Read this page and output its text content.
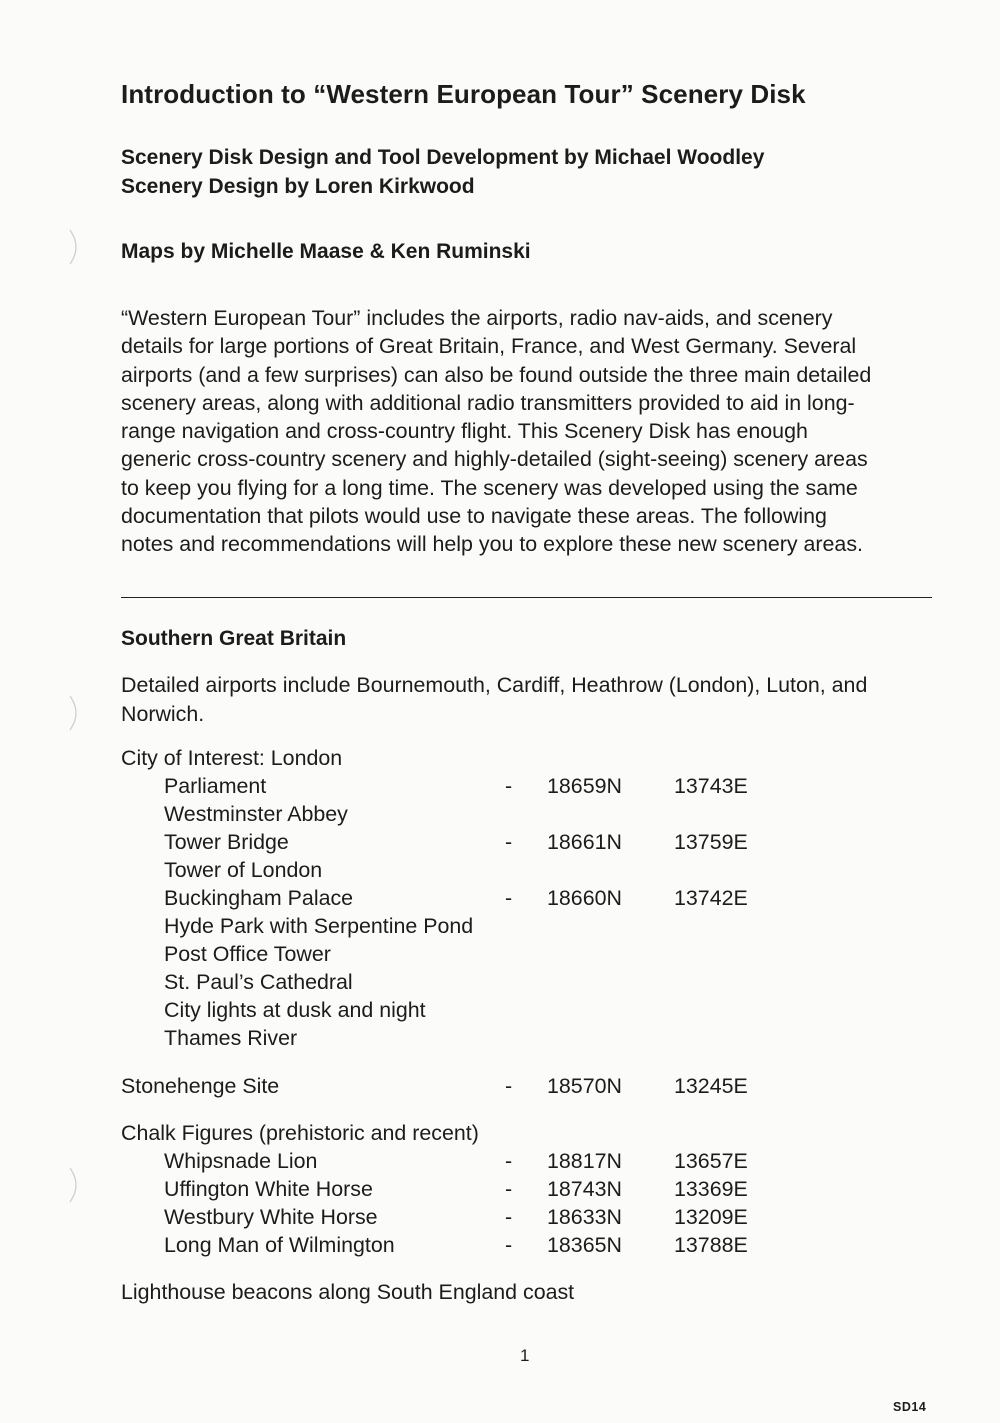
Introduction to “Western European Tour” Scenery Disk
Scenery Disk Design and Tool Development by Michael Woodley
Scenery Design by Loren Kirkwood
Maps by Michelle Maase & Ken Ruminski
“Western European Tour” includes the airports, radio nav-aids, and scenery
details for large portions of Great Britain, France, and West Germany. Several
airports (and a few surprises) can also be found outside the three main detailed
scenery areas, along with additional radio transmitters provided to aid in long-
range navigation and cross-country flight. This Scenery Disk has enough
generic cross-country scenery and highly-detailed (sight-seeing) scenery areas
to keep you flying for a long time. The scenery was developed using the same
documentation that pilots would use to navigate these areas. The following
notes and recommendations will help you to explore these new scenery areas.
Southern Great Britain
Detailed airports include Bournemouth, Cardiff, Heathrow (London), Luton, and
Norwich.
City of Interest: London
Parliament	- 18659N 13743E
Westminster Abbey
Tower Bridge	- 18661N 13759E
Tower of London
Buckingham Palace	- 18660N 13742E
Hyde Park with Serpentine Pond
Post Office Tower
St. Paul’s Cathedral
City lights at dusk and night
Thames River
Stonehenge Site	- 18570N 13245E
Chalk Figures (prehistoric and recent)
Whipsnade Lion	- 18817N 13657E
Uffington White Horse	- 18743N 13369E
Westbury White Horse	- 18633N 13209E
Long Man of Wilmington	- 18365N 13788E
Lighthouse beacons along South England coast
1
SD14
